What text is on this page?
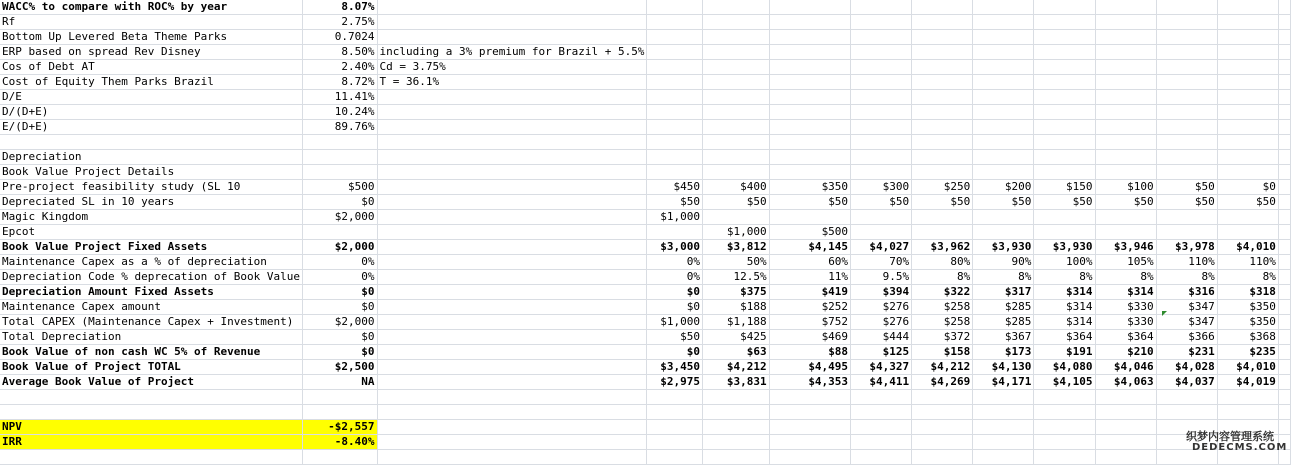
WACC% to compare with ROC% by year	8.07%												
Rf	2.75%												
Bottom Up Levered Beta Theme Parks	0.7024												
ERP based on spread Rev Disney	8.50%	including a 3% premium for Brazil + 5.5%											
Cos of Debt AT	2.40%	Cd = 3.75%											
Cost of Equity Them Parks Brazil	8.72%	T = 36.1%											
D/E	11.41%												
D/(D+E)	10.24%												
E/(D+E)	89.76%												

Depreciation													
Book Value Project Details													
Pre-project feasibility study (SL 10	$500		$450	$400	$350	$300	$250	$200	$150	$100	$50	$0	
Depreciated SL in 10 years	$0		$50	$50	$50	$50	$50	$50	$50	$50	$50	$50	
Magic Kingdom	$2,000		$1,000										
Epcot				$1,000	$500								
Book Value Project Fixed Assets	$2,000		$3,000	$3,812	$4,145	$4,027	$3,962	$3,930	$3,930	$3,946	$3,978	$4,010	
Maintenance Capex as a % of depreciation	0%		0%	50%	60%	70%	80%	90%	100%	105%	110%	110%	
Depreciation Code % deprecation of Book Value	0%		0%	12.5%	11%	9.5%	8%	8%	8%	8%	8%	8%	
Depreciation Amount Fixed Assets	$0		$0	$375	$419	$394	$322	$317	$314	$314	$316	$318	
Maintenance Capex amount	$0		$0	$188	$252	$276	$258	$285	$314	$330	$347	$350	
Total CAPEX (Maintenance Capex + Investment)	$2,000		$1,000	$1,188	$752	$276	$258	$285	$314	$330	$347	$350	
Total Depreciation	$0		$50	$425	$469	$444	$372	$367	$364	$364	$366	$368	
Book Value of non cash WC 5% of Revenue	$0		$0	$63	$88	$125	$158	$173	$191	$210	$231	$235	
Book Value of Project TOTAL	$2,500		$3,450	$4,212	$4,495	$4,327	$4,212	$4,130	$4,080	$4,046	$4,028	$4,010	
Average Book Value of Project	NA		$2,975	$3,831	$4,353	$4,411	$4,269	$4,171	$4,105	$4,063	$4,037	$4,019	

NPV	-$2,557												
IRR	-8.40%												
														织梦内容管理系统
DEDECMS.COM
